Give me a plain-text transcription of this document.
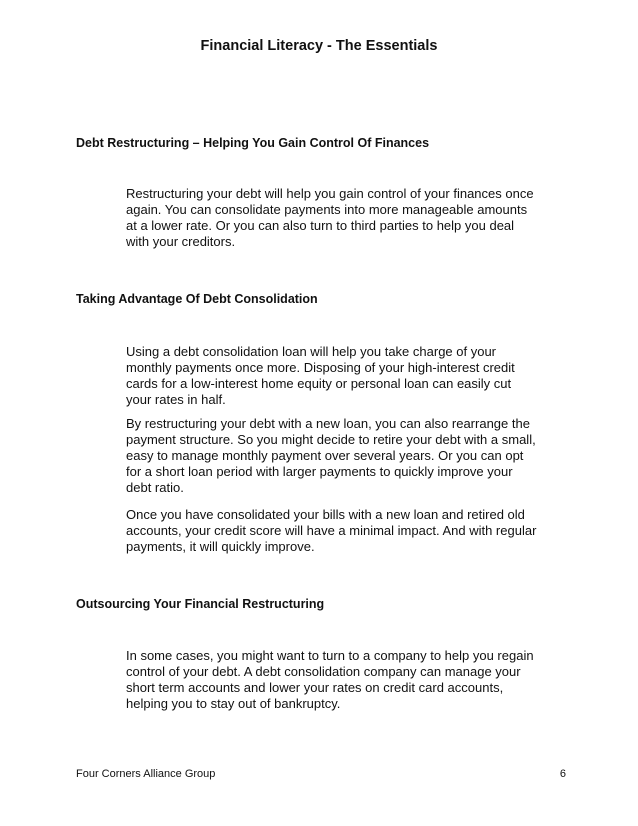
Financial Literacy - The Essentials
Debt Restructuring – Helping You Gain Control Of Finances
Restructuring your debt will help you gain control of your finances once again. You can consolidate payments into more manageable amounts at a lower rate. Or you can also turn to third parties to help you deal with your creditors.
Taking Advantage Of Debt Consolidation
Using a debt consolidation loan will help you take charge of your monthly payments once more. Disposing of your high-interest credit cards for a low-interest home equity or personal loan can easily cut your rates in half.
By restructuring your debt with a new loan, you can also rearrange the payment structure. So you might decide to retire your debt with a small, easy to manage monthly payment over several years. Or you can opt for a short loan period with larger payments to quickly improve your debt ratio.
Once you have consolidated your bills with a new loan and retired old accounts, your credit score will have a minimal impact. And with regular payments, it will quickly improve.
Outsourcing Your Financial Restructuring
In some cases, you might want to turn to a company to help you regain control of your debt. A debt consolidation company can manage your short term accounts and lower your rates on credit card accounts, helping you to stay out of bankruptcy.
Four Corners Alliance Group	6
